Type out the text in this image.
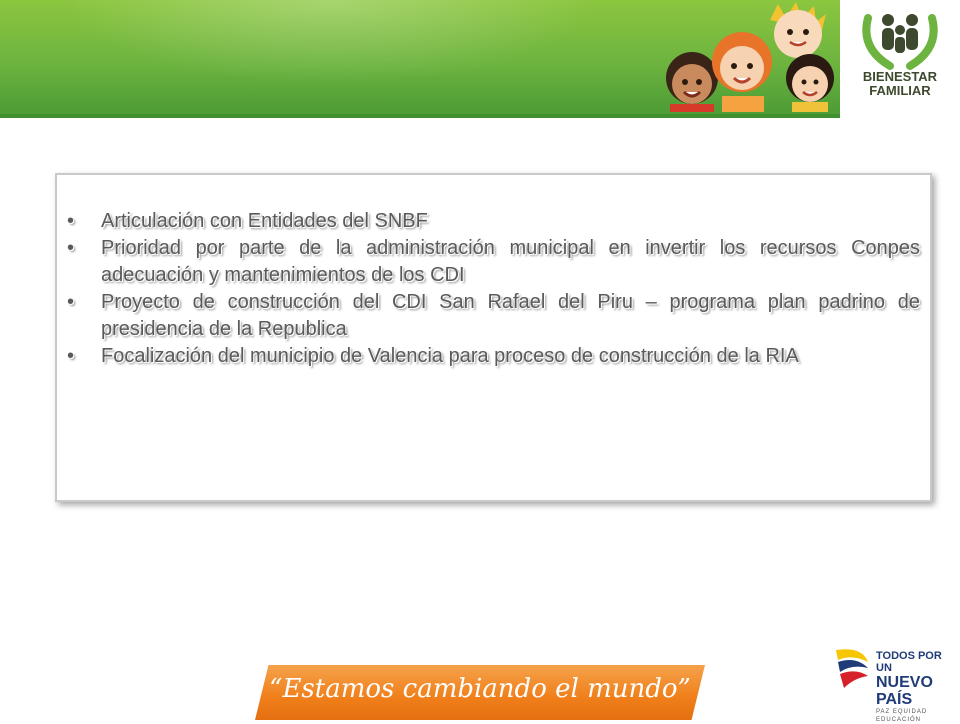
BIENESTAR
FAMILIAR
• Articulación con Entidades del SNBF
• Prioridad por parte de la administración municipal en invertir los recursos Conpes adecuación y mantenimientos de los CDI
• Proyecto de construcción del CDI San Rafael del Piru – programa plan padrino de presidencia de la Republica
• Focalización del municipio de Valencia para proceso de construcción de la RIA
“Estamos cambiando el mundo”
TODOS POR UN
NUEVO PAÍS
PAZ EQUIDAD EDUCACIÓN
